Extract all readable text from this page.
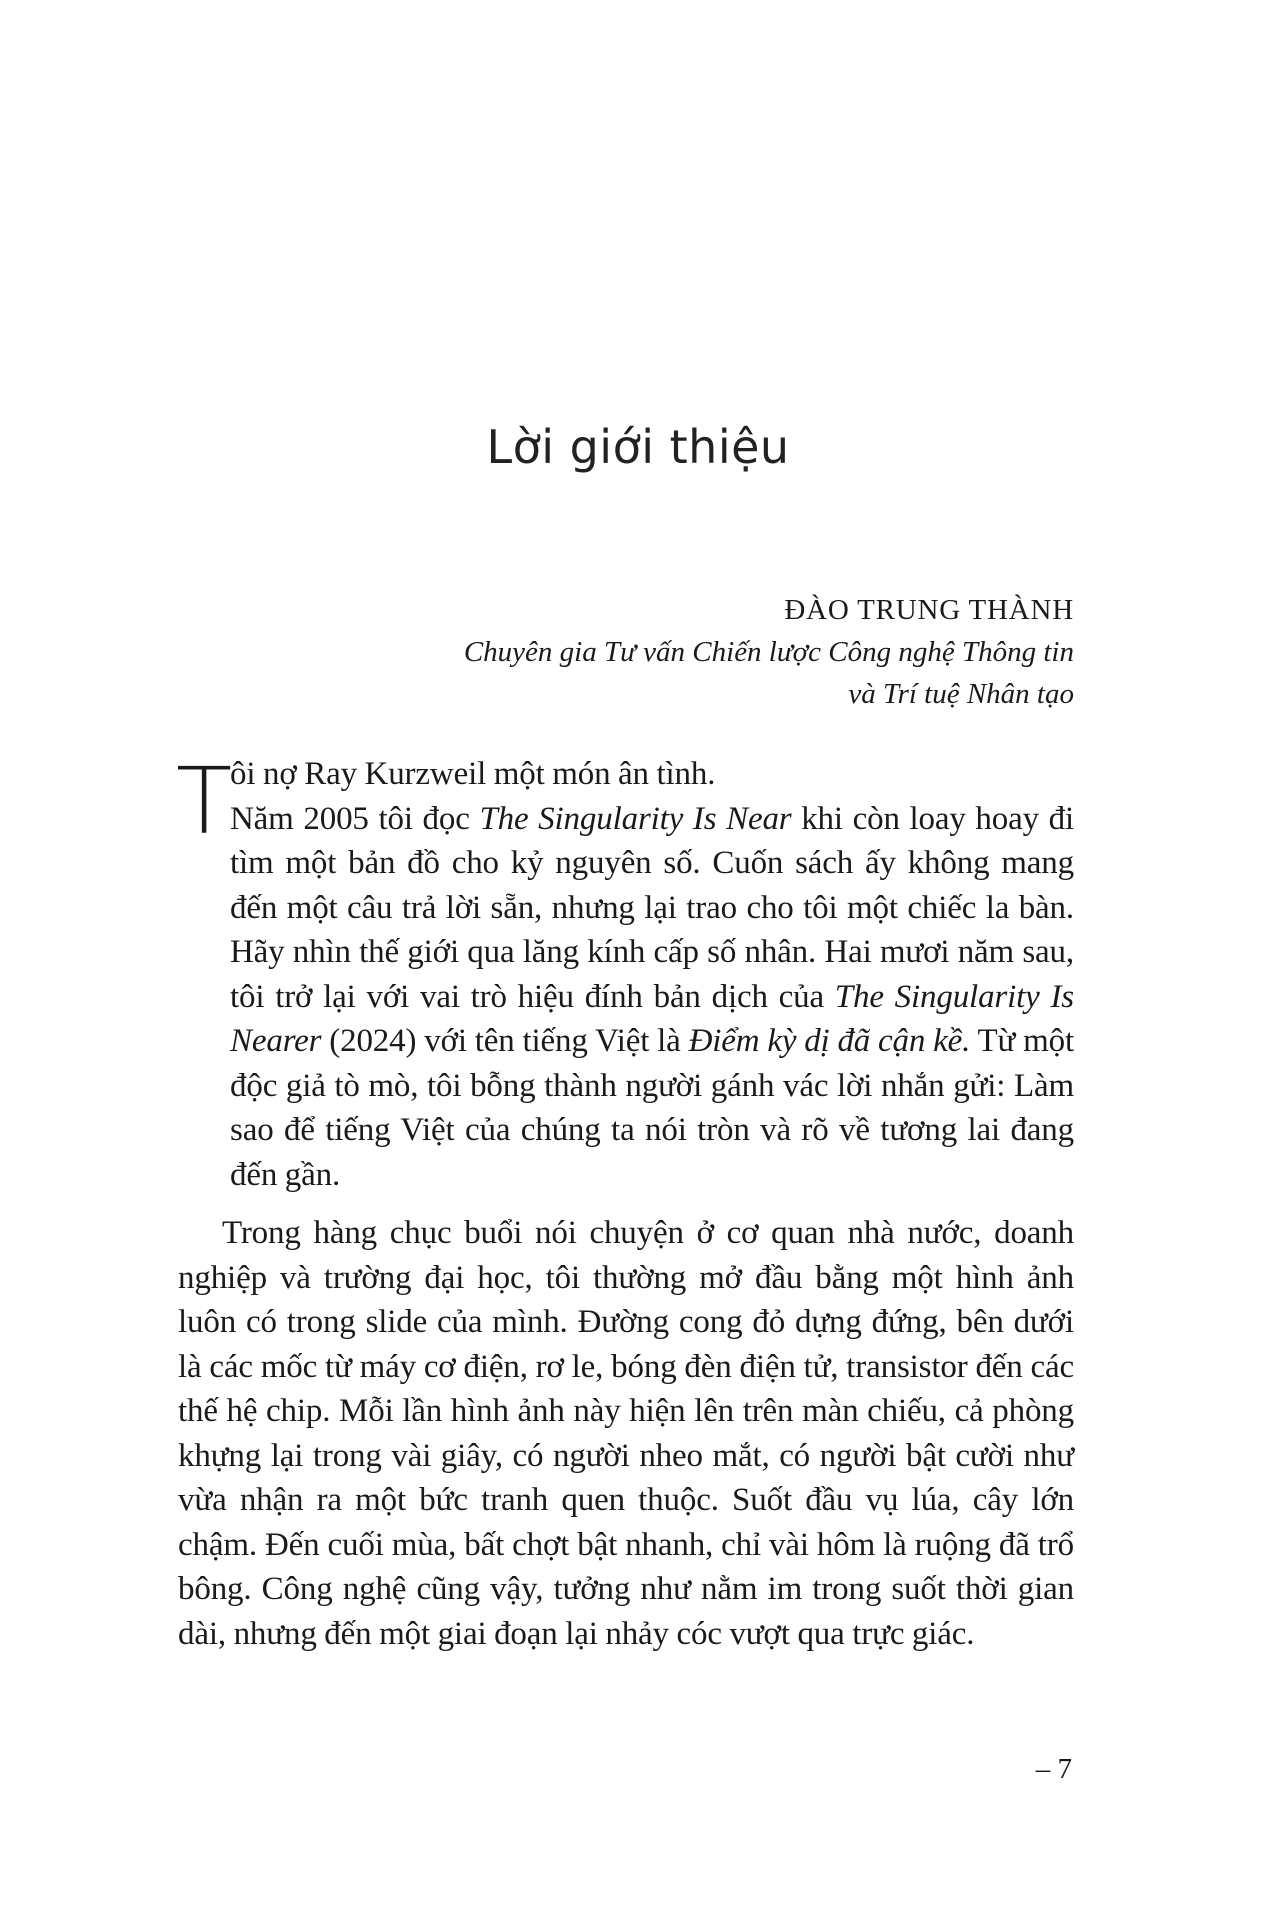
Lời giới thiệu
ĐÀO TRUNG THÀNH
Chuyên gia Tư vấn Chiến lược Công nghệ Thông tin
và Trí tuệ Nhân tạo

T
ôi nợ Ray Kurzweil một món ân tình.
Năm 2005 tôi đọc The Singularity Is Near khi còn loay hoay đi tìm một bản đồ cho kỷ nguyên số. Cuốn sách ấy không mang đến một câu trả lời sẵn, nhưng lại trao cho tôi một chiếc la bàn. Hãy nhìn thế giới qua lăng kính cấp số nhân. Hai mươi năm sau, tôi trở lại với vai trò hiệu đính bản dịch của The Singularity Is Nearer (2024) với tên tiếng Việt là Điểm kỳ dị đã cận kề. Từ một độc giả tò mò, tôi bỗng thành người gánh vác lời nhắn gửi: Làm sao để tiếng Việt của chúng ta nói tròn và rõ về tương lai đang đến gần.

Trong hàng chục buổi nói chuyện ở cơ quan nhà nước, doanh nghiệp và trường đại học, tôi thường mở đầu bằng một hình ảnh luôn có trong slide của mình. Đường cong đỏ dựng đứng, bên dưới là các mốc từ máy cơ điện, rơ le, bóng đèn điện tử, transistor đến các thế hệ chip. Mỗi lần hình ảnh này hiện lên trên màn chiếu, cả phòng khựng lại trong vài giây, có người nheo mắt, có người bật cười như vừa nhận ra một bức tranh quen thuộc. Suốt đầu vụ lúa, cây lớn chậm. Đến cuối mùa, bất chợt bật nhanh, chỉ vài hôm là ruộng đã trổ bông. Công nghệ cũng vậy, tưởng như nằm im trong suốt thời gian dài, nhưng đến một giai đoạn lại nhảy cóc vượt qua trực giác.

– 7
